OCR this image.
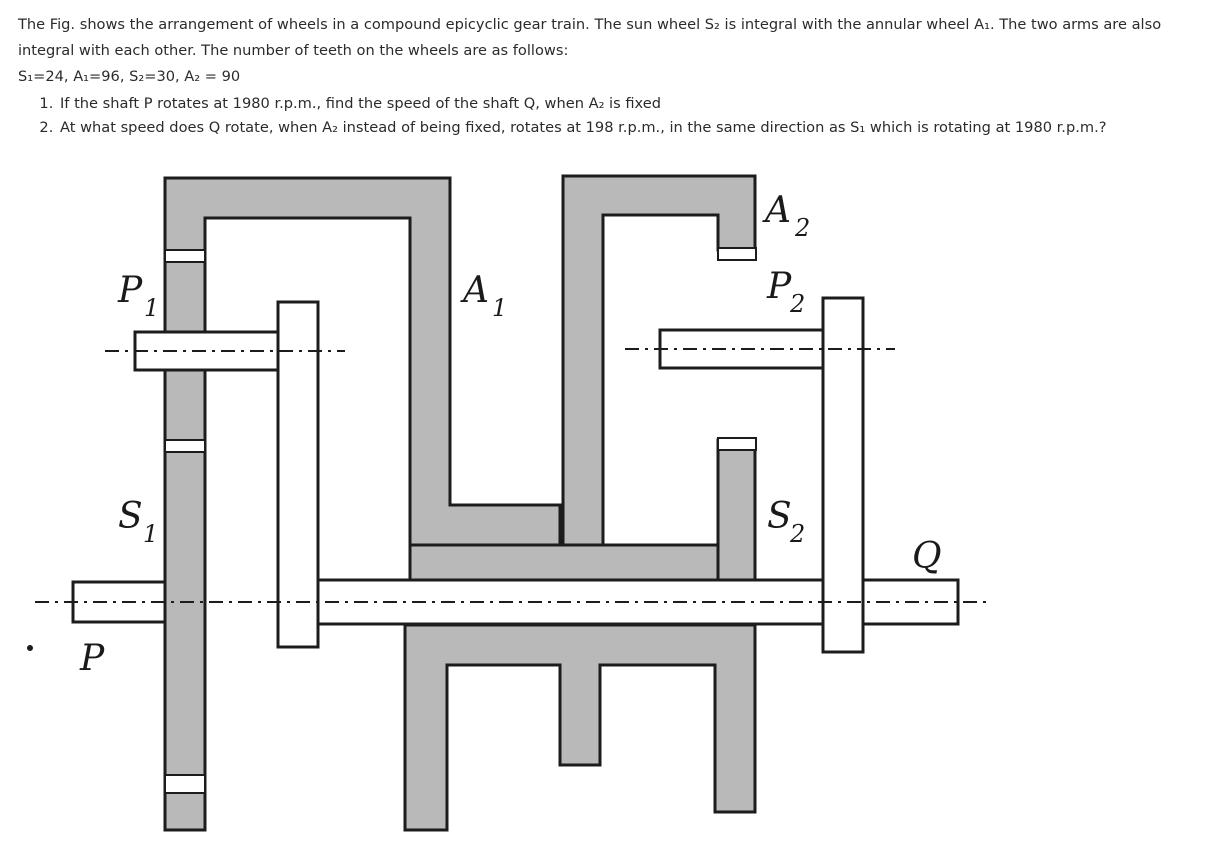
The Fig. shows the arrangement of wheels in a compound epicyclic gear train. The sun wheel S₂ is integral with the annular wheel A₁. The two arms are also integral with each other. The number of teeth on the wheels are as follows:

S₁=24, A₁=96, S₂=30, A₂ = 90

1. If the shaft P rotates at 1980 r.p.m., find the speed of the shaft Q, when A₂ is fixed
2. At what speed does Q rotate, when A₂ instead of being fixed, rotates at 198 r.p.m., in the same direction as S₁ which is rotating at 1980 r.p.m.?
P 1
S 1
A 1
A 2
P
2
S
2
Q
P
